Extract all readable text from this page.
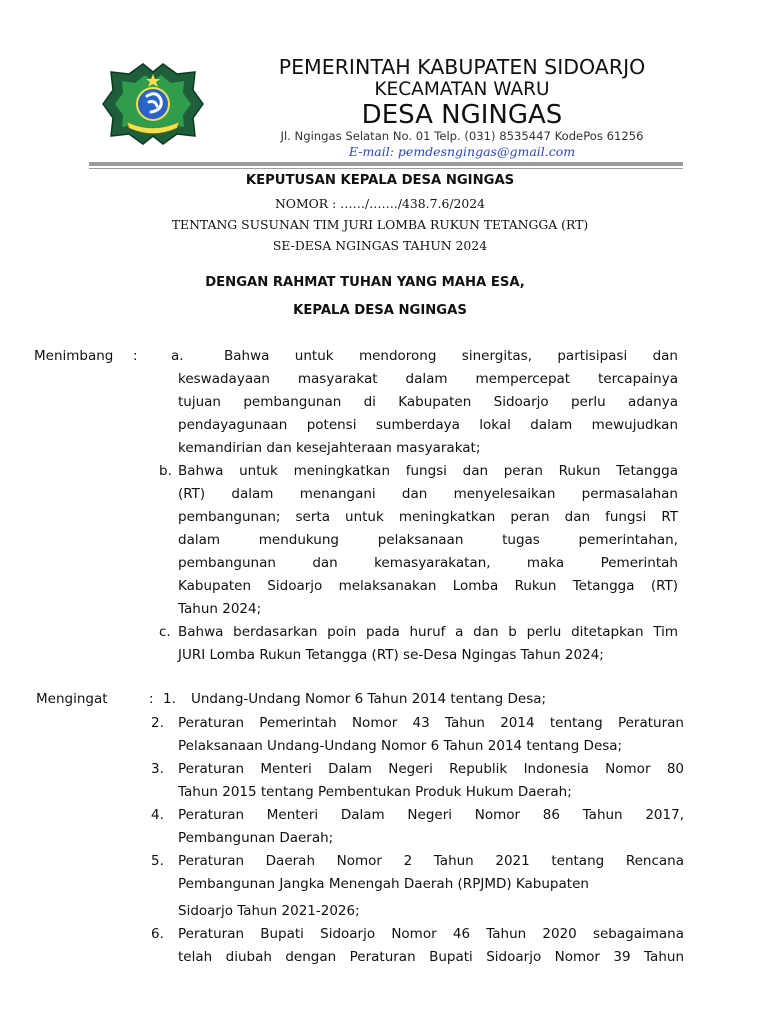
PEMERINTAH KABUPATEN SIDOARJO
KECAMATAN WARU
DESA NGINGAS
Jl. Ngingas Selatan No. 01 Telp. (031) 8535447 KodePos 61256
E-mail: pemdesngingas@gmail.com
KEPUTUSAN KEPALA DESA NGINGAS
NOMOR : ……/……./438.7.6/2024
TENTANG SUSUNAN TIM JURI LOMBA RUKUN TETANGGA (RT)
SE-DESA NGINGAS TAHUN 2024
DENGAN RAHMAT TUHAN YANG MAHA ESA,
KEPALA DESA NGINGAS
Menimbang : a.	Bahwa untuk mendorong sinergitas, partisipasi dan
keswadayaan masyarakat dalam mempercepat tercapainya
tujuan pembangunan di Kabupaten Sidoarjo perlu adanya
pendayagunaan potensi sumberdaya lokal dalam mewujudkan
kemandirian dan kesejahteraan masyarakat;
b. Bahwa untuk meningkatkan fungsi dan peran Rukun Tetangga
(RT) dalam menangani dan menyelesaikan permasalahan
pembangunan; serta untuk meningkatkan peran dan fungsi RT
dalam mendukung pelaksanaan tugas pemerintahan,
pembangunan dan kemasyarakatan, maka Pemerintah
Kabupaten Sidoarjo melaksanakan Lomba Rukun Tetangga (RT)
Tahun 2024;
c. Bahwa berdasarkan poin pada huruf a dan b perlu ditetapkan Tim
JURI Lomba Rukun Tetangga (RT) se-Desa Ngingas Tahun 2024;
Mengingat	: 1. Undang-Undang Nomor 6 Tahun 2014 tentang Desa;
2. Peraturan Pemerintah Nomor 43 Tahun 2014 tentang Peraturan
Pelaksanaan Undang-Undang Nomor 6 Tahun 2014 tentang Desa;
3. Peraturan Menteri Dalam Negeri Republik Indonesia Nomor 80
Tahun 2015 tentang Pembentukan Produk Hukum Daerah;
4. Peraturan Menteri Dalam Negeri Nomor 86 Tahun 2017,
Pembangunan Daerah;
5. Peraturan Daerah Nomor 2 Tahun 2021 tentang Rencana
Pembangunan Jangka Menengah Daerah (RPJMD) Kabupaten
Sidoarjo Tahun 2021-2026;
6. Peraturan Bupati Sidoarjo Nomor 46 Tahun 2020 sebagaimana
telah diubah dengan Peraturan Bupati Sidoarjo Nomor 39 Tahun
